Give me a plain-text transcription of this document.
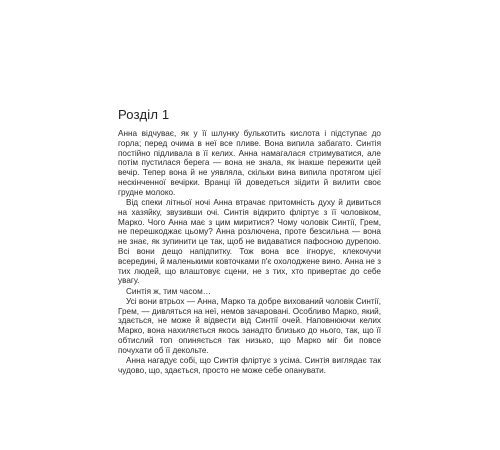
Розділ 1

Анна відчуває, як у її шлунку булькотить кислота і підступає до горла; перед очима в неї все пливе. Вона випила забагато. Синтія постійно підливала в її келих. Анна намагалася стримуватися, але потім пустилася берега — вона не знала, як інакше пережити цей вечір. Тепер вона й не уявляла, скільки вина випила протягом цієї нескінченної вечірки. Вранці їй доведеться зіідити й вилити своє грудне молоко.

Від спеки літньої ночі Анна втрачає притомність духу й дивиться на хазяйку, звузивши очі. Синтія відкрито фліртує з її чоловіком, Марко. Чого Анна має з цим миритися? Чому чоловік Синтії, Грем, не перешкоджає цьому? Анна розлючена, проте безсильна — вона не знає, як зупинити це так, щоб не видаватися пафосною дурепою. Всі вони дещо напідпитку. Тож вона все ігнорує, клекочучи всередині, й маленькими ковточками п'є охолоджене вино. Анна не з тих людей, що влаштовує сцени, не з тих, хто привертає до себе увагу.

Синтія ж, тим часом…

Усі вони втрьох — Анна, Марко та добре вихований чоловік Синтії, Грем, — дивляться на неї, немов зачаровані. Особливо Марко, який, здається, не може й відвести від Синтії очей. Наповнюючи келих Марко, вона нахиляється якось занадто близько до нього, так, що її обтислий топ опиняється так низько, що Марко міг би повсе почухати об її декольте.

Анна нагадує собі, що Синтія фліртує з усіма. Синтія виглядає так чудово, що, здається, просто не може себе опанувати.
